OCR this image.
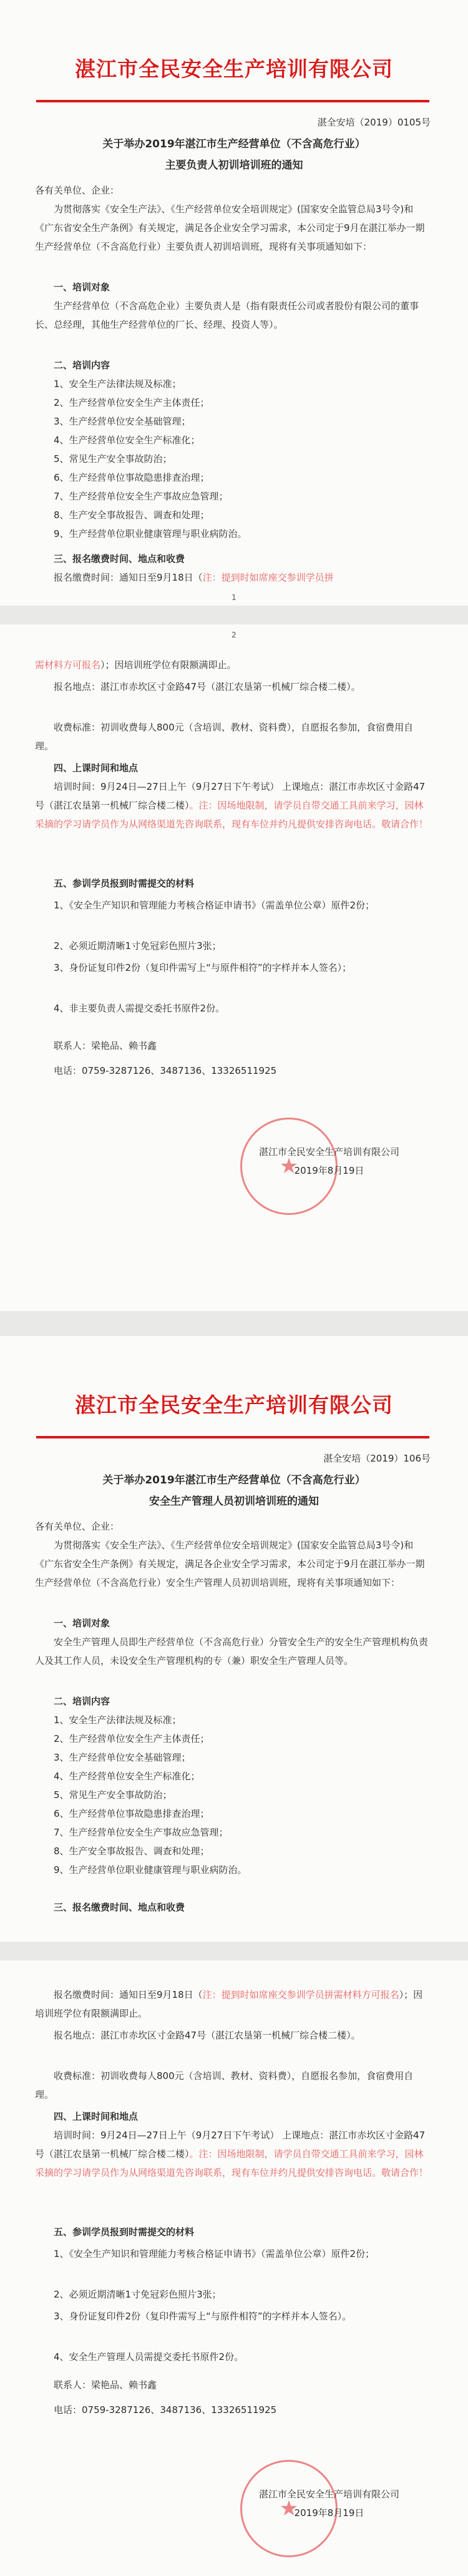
湛江市全民安全生产培训有限公司
湛全安培（2019）0105号
关于举办2019年湛江市生产经营单位（不含高危行业）
主要负责人初训培训班的通知
各有关单位、企业：
为贯彻落实《安全生产法》、《生产经营单位安全培训规定》(国家安全监管总局3号令)和《广东省安全生产条例》有关规定，满足各企业安全学习需求，本公司定于9月在湛江举办一期生产经营单位（不含高危行业）主要负责人初训培训班，现将有关事项通知如下：
一、培训对象
生产经营单位（不含高危企业）主要负责人是（指有限责任公司或者股份有限公司的董事长、总经理，其他生产经营单位的厂长、经理、投资人等）。
二、培训内容
1、安全生产法律法规及标准；
2、生产经营单位安全生产主体责任；
3、生产经营单位安全基础管理；
4、生产经营单位安全生产标准化；
5、常见生产安全事故防治；
6、生产经营单位事故隐患排查治理；
7、生产经营单位安全生产事故应急管理；
8、生产安全事故报告、调查和处理；
9、生产经营单位职业健康管理与职业病防治。
三、报名缴费时间、地点和收费
报名缴费时间：通知日至9月18日（注：提到时如席座交参训学员拼
1
2
需材料方可报名）；因培训班学位有限额满即止。
报名地点：湛江市赤坎区寸金路47号（湛江农垦第一机械厂综合楼二楼）。
收费标准：初训收费每人800元（含培训、教材、资料费），自愿报名参加，食宿费用自理。
四、上课时间和地点
培训时间：9月24日—27日上午（9月27日下午考试） 上课地点：湛江市赤坎区寸金路47号（湛江农垦第一机械厂综合楼二楼）。注：因场地限制，请学员自带交通工具前来学习，园林采摘的学习请学员作为从网络渠道先咨询联系，现有车位并约凡提供安排咨询电话。敬请合作！
五、参训学员报到时需提交的材料
1、《安全生产知识和管理能力考核合格证申请书》（需盖单位公章）原件2份；
2、必须近期清晰1寸免冠彩色照片3张；
3、身份证复印件2份（复印件需写上“与原件相符”的字样并本人签名）；
4、非主要负责人需提交委托书原件2份。
联系人：梁艳品、赖书鑫
电话：0759-3287126、3487136、13326511925
★
湛江市全民安全生产培训有限公司
2019年8月19日
湛江市全民安全生产培训有限公司
湛全安培（2019）106号
关于举办2019年湛江市生产经营单位（不含高危行业）
安全生产管理人员初训培训班的通知
各有关单位、企业：
为贯彻落实《安全生产法》、《生产经营单位安全培训规定》(国家安全监管总局3号令)和《广东省安全生产条例》有关规定，满足各企业安全学习需求，本公司定于9月在湛江举办一期生产经营单位（不含高危行业）安全生产管理人员初训培训班，现将有关事项通知如下：
一、培训对象
安全生产管理人员即生产经营单位（不含高危行业）分管安全生产的安全生产管理机构负责人及其工作人员，未设安全生产管理机构的专（兼）职安全生产管理人员等。
二、培训内容
1、安全生产法律法规及标准；
2、生产经营单位安全生产主体责任；
3、生产经营单位安全基础管理；
4、生产经营单位安全生产标准化；
5、常见生产安全事故防治；
6、生产经营单位事故隐患排查治理；
7、生产经营单位安全生产事故应急管理；
8、生产安全事故报告、调查和处理；
9、生产经营单位职业健康管理与职业病防治。
三、报名缴费时间、地点和收费
报名缴费时间：通知日至9月18日（注：提到时如席座交参训学员拼需材料方可报名）；因培训班学位有限额满即止。
报名地点：湛江市赤坎区寸金路47号（湛江农垦第一机械厂综合楼二楼）。
收费标准：初训收费每人800元（含培训、教材、资料费），自愿报名参加，食宿费用自理。
四、上课时间和地点
培训时间：9月24日—27日上午（9月27日下午考试） 上课地点：湛江市赤坎区寸金路47号（湛江农垦第一机械厂综合楼二楼）。注：因场地限制，请学员自带交通工具前来学习，园林采摘的学习请学员作为从网络渠道先咨询联系，现有车位并约凡提供安排咨询电话。敬请合作！
五、参训学员报到时需提交的材料
1、《安全生产知识和管理能力考核合格证申请书》（需盖单位公章）原件2份；
2、必须近期清晰1寸免冠彩色照片3张；
3、身份证复印件2份（复印件需写上“与原件相符”的字样并本人签名）。
4、安全生产管理人员需提交委托书原件2份。
联系人：梁艳品、赖书鑫
电话：0759-3287126、3487136、13326511925
★
湛江市全民安全生产培训有限公司
2019年8月19日
